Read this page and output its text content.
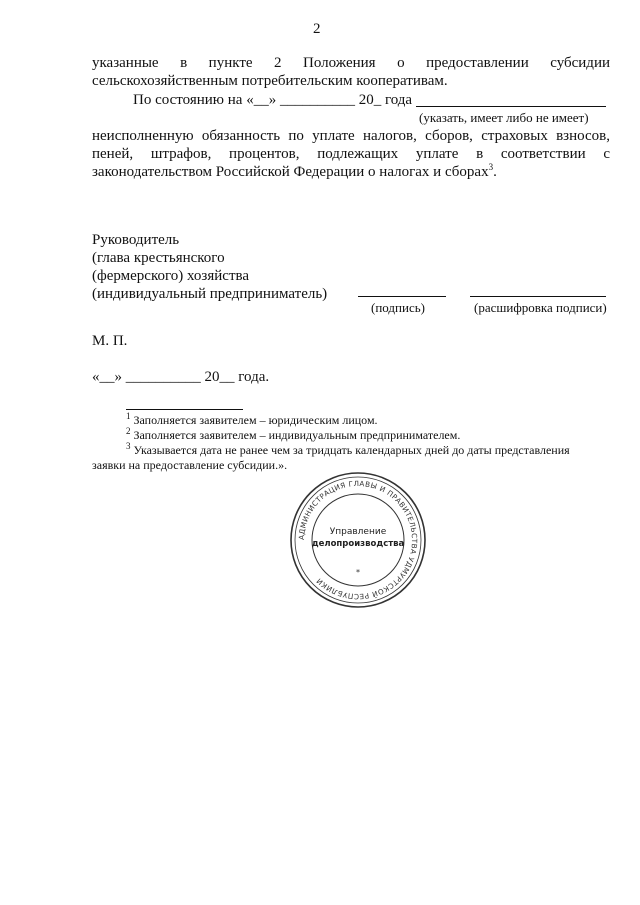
2
указанные в пункте 2 Положения о предоставлении субсидии
сельскохозяйственным потребительским кооперативам.
По состоянию на «__» __________ 20_ года
(указать, имеет либо не имеет)
неисполненную обязанность по уплате налогов, сборов, страховых взносов,
пеней, штрафов, процентов, подлежащих уплате в соответствии с
законодательством Российской Федерации о налогах и сборах$^3$.
Руководитель
(глава крестьянского
(фермерского) хозяйства
(индивидуальный предприниматель)
(подпись)	(расшифровка подписи)
М. П.
«__» __________ 20__ года.
$^1$ Заполняется заявителем – юридическим лицом.
$^2$ Заполняется заявителем – индивидуальным предпринимателем.
$^3$ Указывается дата не ранее чем за тридцать календарных дней до даты представления
заявки на предоставление субсидии.».
АДМИНИСТРАЦИЯ ГЛАВЫ И ПРАВИТЕЛЬСТВА УДМУРТСКОЙ РЕСПУБЛИКИ
Управление
делопроизводства
*
